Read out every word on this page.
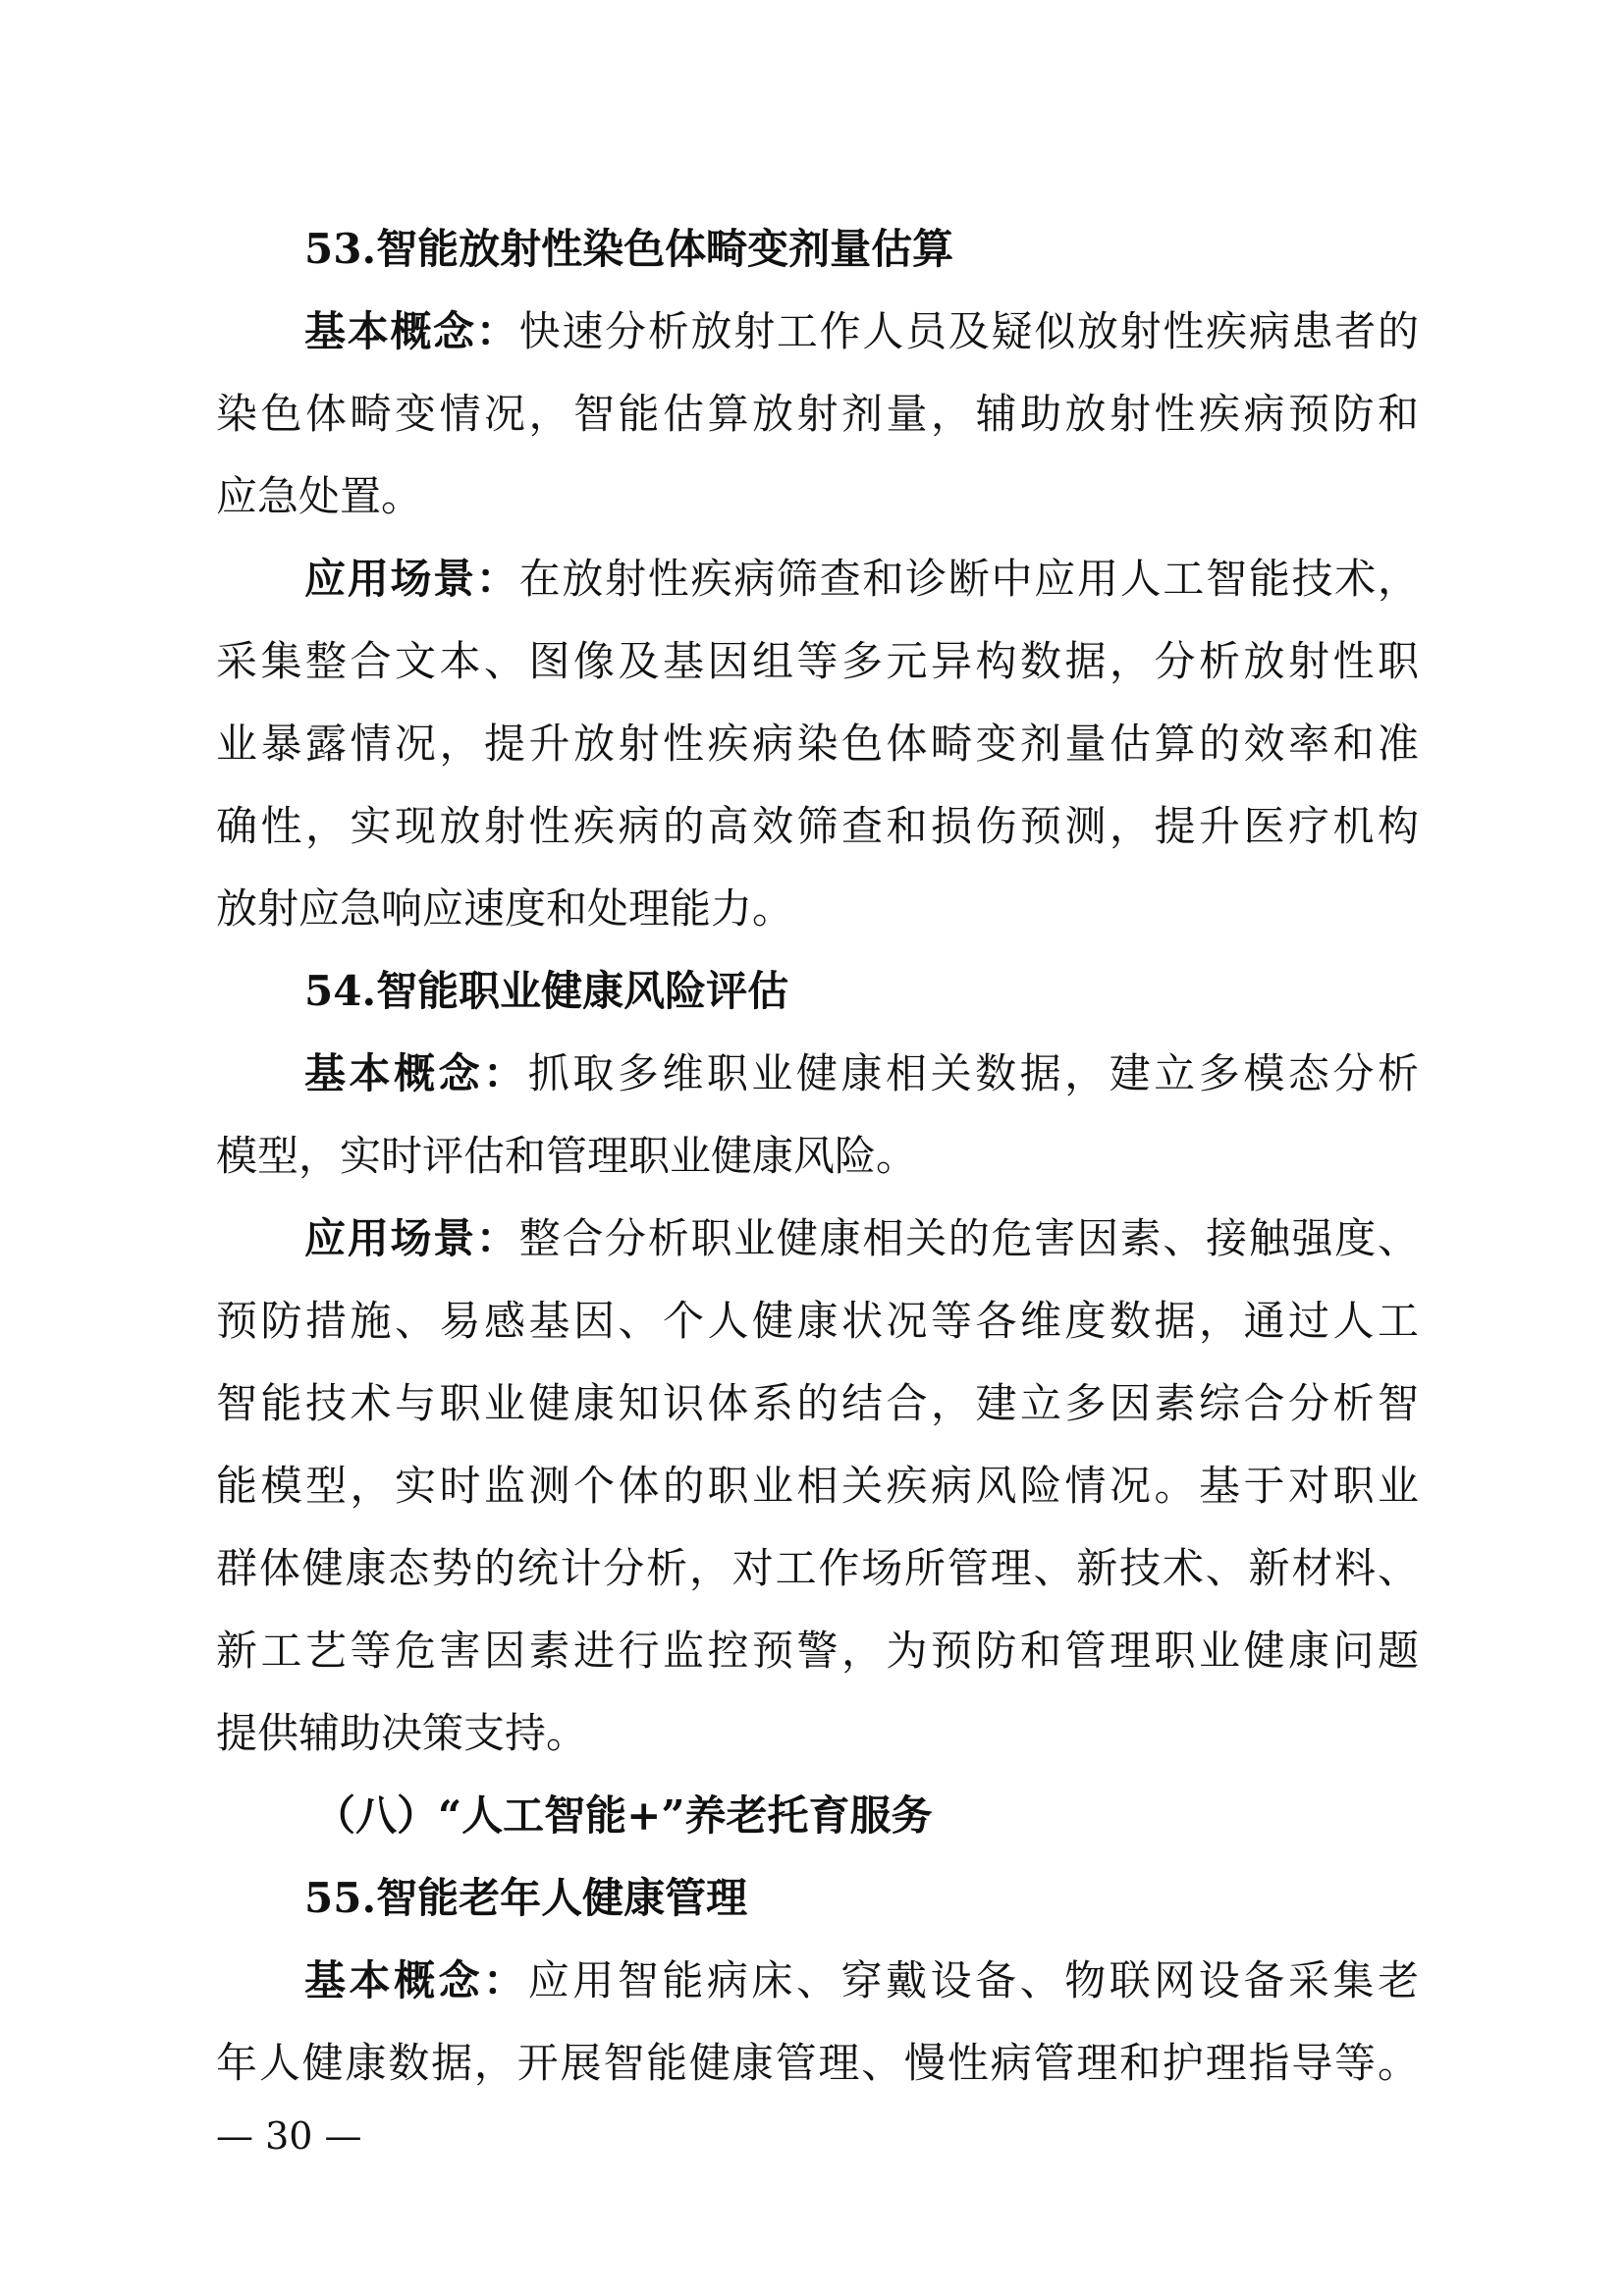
53.智能放射性染色体畸变剂量估算
基本概念：快速分析放射工作人员及疑似放射性疾病患者的
染色体畸变情况，智能估算放射剂量，辅助放射性疾病预防和
应急处置。
应用场景：在放射性疾病筛查和诊断中应用人工智能技术，
采集整合文本、图像及基因组等多元异构数据，分析放射性职
业暴露情况，提升放射性疾病染色体畸变剂量估算的效率和准
确性，实现放射性疾病的高效筛查和损伤预测，提升医疗机构
放射应急响应速度和处理能力。
54.智能职业健康风险评估
基本概念：抓取多维职业健康相关数据，建立多模态分析
模型，实时评估和管理职业健康风险。
应用场景：整合分析职业健康相关的危害因素、接触强度、
预防措施、易感基因、个人健康状况等各维度数据，通过人工
智能技术与职业健康知识体系的结合，建立多因素综合分析智
能模型，实时监测个体的职业相关疾病风险情况。基于对职业
群体健康态势的统计分析，对工作场所管理、新技术、新材料、
新工艺等危害因素进行监控预警，为预防和管理职业健康问题
提供辅助决策支持。
（八）“人工智能+”养老托育服务
55.智能老年人健康管理
基本概念：应用智能病床、穿戴设备、物联网设备采集老
年人健康数据，开展智能健康管理、慢性病管理和护理指导等。
— 30 —
